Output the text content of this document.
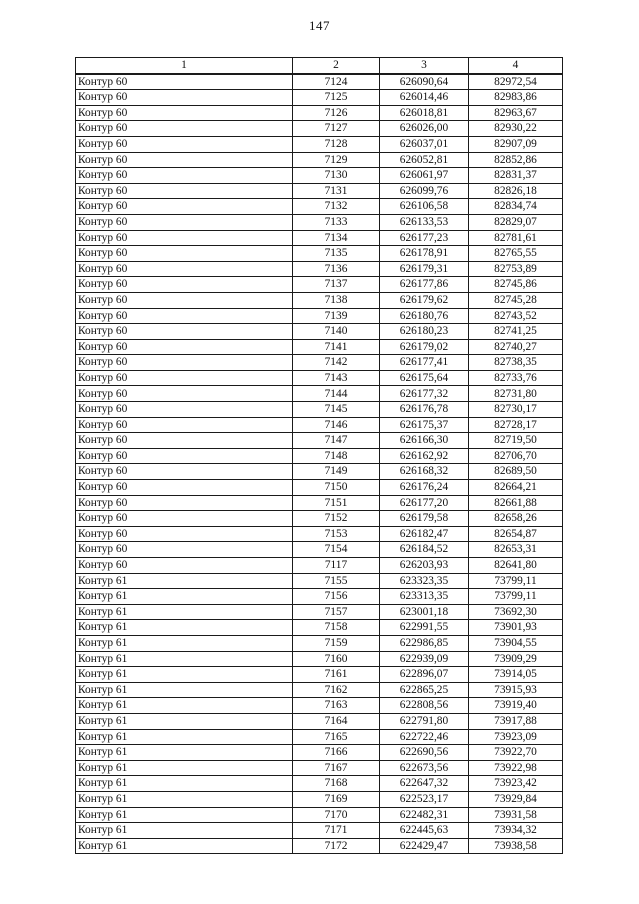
147
1	2	3	4
Контур 60	7124	626090,64	82972,54
Контур 60	7125	626014,46	82983,86
Контур 60	7126	626018,81	82963,67
Контур 60	7127	626026,00	82930,22
Контур 60	7128	626037,01	82907,09
Контур 60	7129	626052,81	82852,86
Контур 60	7130	626061,97	82831,37
Контур 60	7131	626099,76	82826,18
Контур 60	7132	626106,58	82834,74
Контур 60	7133	626133,53	82829,07
Контур 60	7134	626177,23	82781,61
Контур 60	7135	626178,91	82765,55
Контур 60	7136	626179,31	82753,89
Контур 60	7137	626177,86	82745,86
Контур 60	7138	626179,62	82745,28
Контур 60	7139	626180,76	82743,52
Контур 60	7140	626180,23	82741,25
Контур 60	7141	626179,02	82740,27
Контур 60	7142	626177,41	82738,35
Контур 60	7143	626175,64	82733,76
Контур 60	7144	626177,32	82731,80
Контур 60	7145	626176,78	82730,17
Контур 60	7146	626175,37	82728,17
Контур 60	7147	626166,30	82719,50
Контур 60	7148	626162,92	82706,70
Контур 60	7149	626168,32	82689,50
Контур 60	7150	626176,24	82664,21
Контур 60	7151	626177,20	82661,88
Контур 60	7152	626179,58	82658,26
Контур 60	7153	626182,47	82654,87
Контур 60	7154	626184,52	82653,31
Контур 60	7117	626203,93	82641,80
Контур 61	7155	623323,35	73799,11
Контур 61	7156	623313,35	73799,11
Контур 61	7157	623001,18	73692,30
Контур 61	7158	622991,55	73901,93
Контур 61	7159	622986,85	73904,55
Контур 61	7160	622939,09	73909,29
Контур 61	7161	622896,07	73914,05
Контур 61	7162	622865,25	73915,93
Контур 61	7163	622808,56	73919,40
Контур 61	7164	622791,80	73917,88
Контур 61	7165	622722,46	73923,09
Контур 61	7166	622690,56	73922,70
Контур 61	7167	622673,56	73922,98
Контур 61	7168	622647,32	73923,42
Контур 61	7169	622523,17	73929,84
Контур 61	7170	622482,31	73931,58
Контур 61	7171	622445,63	73934,32
Контур 61	7172	622429,47	73938,58
